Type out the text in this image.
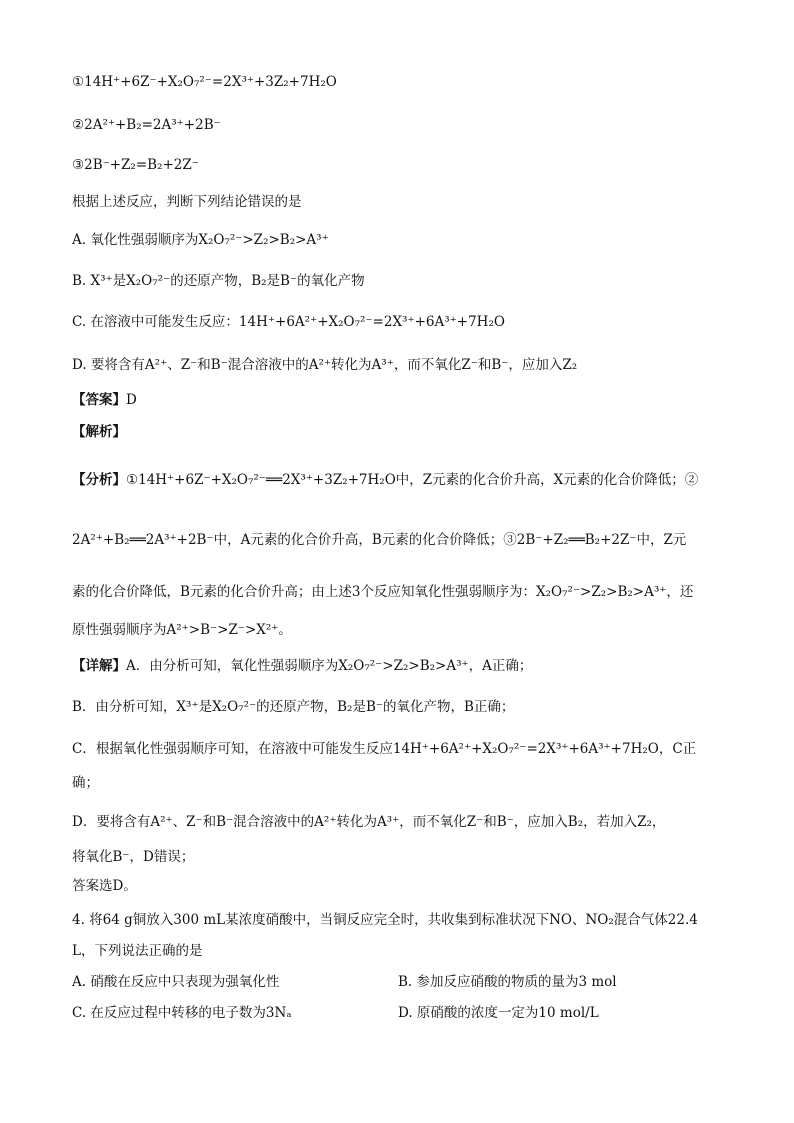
①14H⁺+6Z⁻+X₂O₇²⁻=2X³⁺+3Z₂+7H₂O
②2A²⁺+B₂=2A³⁺+2B⁻
③2B⁻+Z₂=B₂+2Z⁻
根据上述反应，判断下列结论错误的是
A. 氧化性强弱顺序为X₂O₇²⁻>Z₂>B₂>A³⁺
B. X³⁺是X₂O₇²⁻的还原产物，B₂是B⁻的氧化产物
C. 在溶液中可能发生反应：14H⁺+6A²⁺+X₂O₇²⁻=2X³⁺+6A³⁺+7H₂O
D. 要将含有A²⁺、Z⁻和B⁻混合溶液中的A²⁺转化为A³⁺，而不氧化Z⁻和B⁻，应加入Z₂
【答案】D
【解析】
【分析】①14H⁺+6Z⁻+X₂O₇²⁻══2X³⁺+3Z₂+7H₂O中，Z元素的化合价升高，X元素的化合价降低；②
2A²⁺+B₂══2A³⁺+2B⁻中，A元素的化合价升高，B元素的化合价降低；③2B⁻+Z₂══B₂+2Z⁻中，Z元
素的化合价降低，B元素的化合价升高；由上述3个反应知氧化性强弱顺序为：X₂O₇²⁻>Z₂>B₂>A³⁺，还
原性强弱顺序为A²⁺>B⁻>Z⁻>X²⁺。
【详解】A．由分析可知，氧化性强弱顺序为X₂O₇²⁻>Z₂>B₂>A³⁺，A正确；
B．由分析可知，X³⁺是X₂O₇²⁻的还原产物，B₂是B⁻的氧化产物，B正确；
C．根据氧化性强弱顺序可知，在溶液中可能发生反应14H⁺+6A²⁺+X₂O₇²⁻=2X³⁺+6A³⁺+7H₂O，C正
确；
D．要将含有A²⁺、Z⁻和B⁻混合溶液中的A²⁺转化为A³⁺，而不氧化Z⁻和B⁻，应加入B₂，若加入Z₂，
将氧化B⁻，D错误；
答案选D。
4. 将64 g铜放入300 mL某浓度硝酸中，当铜反应完全时，共收集到标准状况下NO、NO₂混合气体22.4
L，下列说法正确的是
A. 硝酸在反应中只表现为强氧化性	B. 参加反应硝酸的物质的量为3 mol
C. 在反应过程中转移的电子数为3Nₐ	D. 原硝酸的浓度一定为10 mol/L
